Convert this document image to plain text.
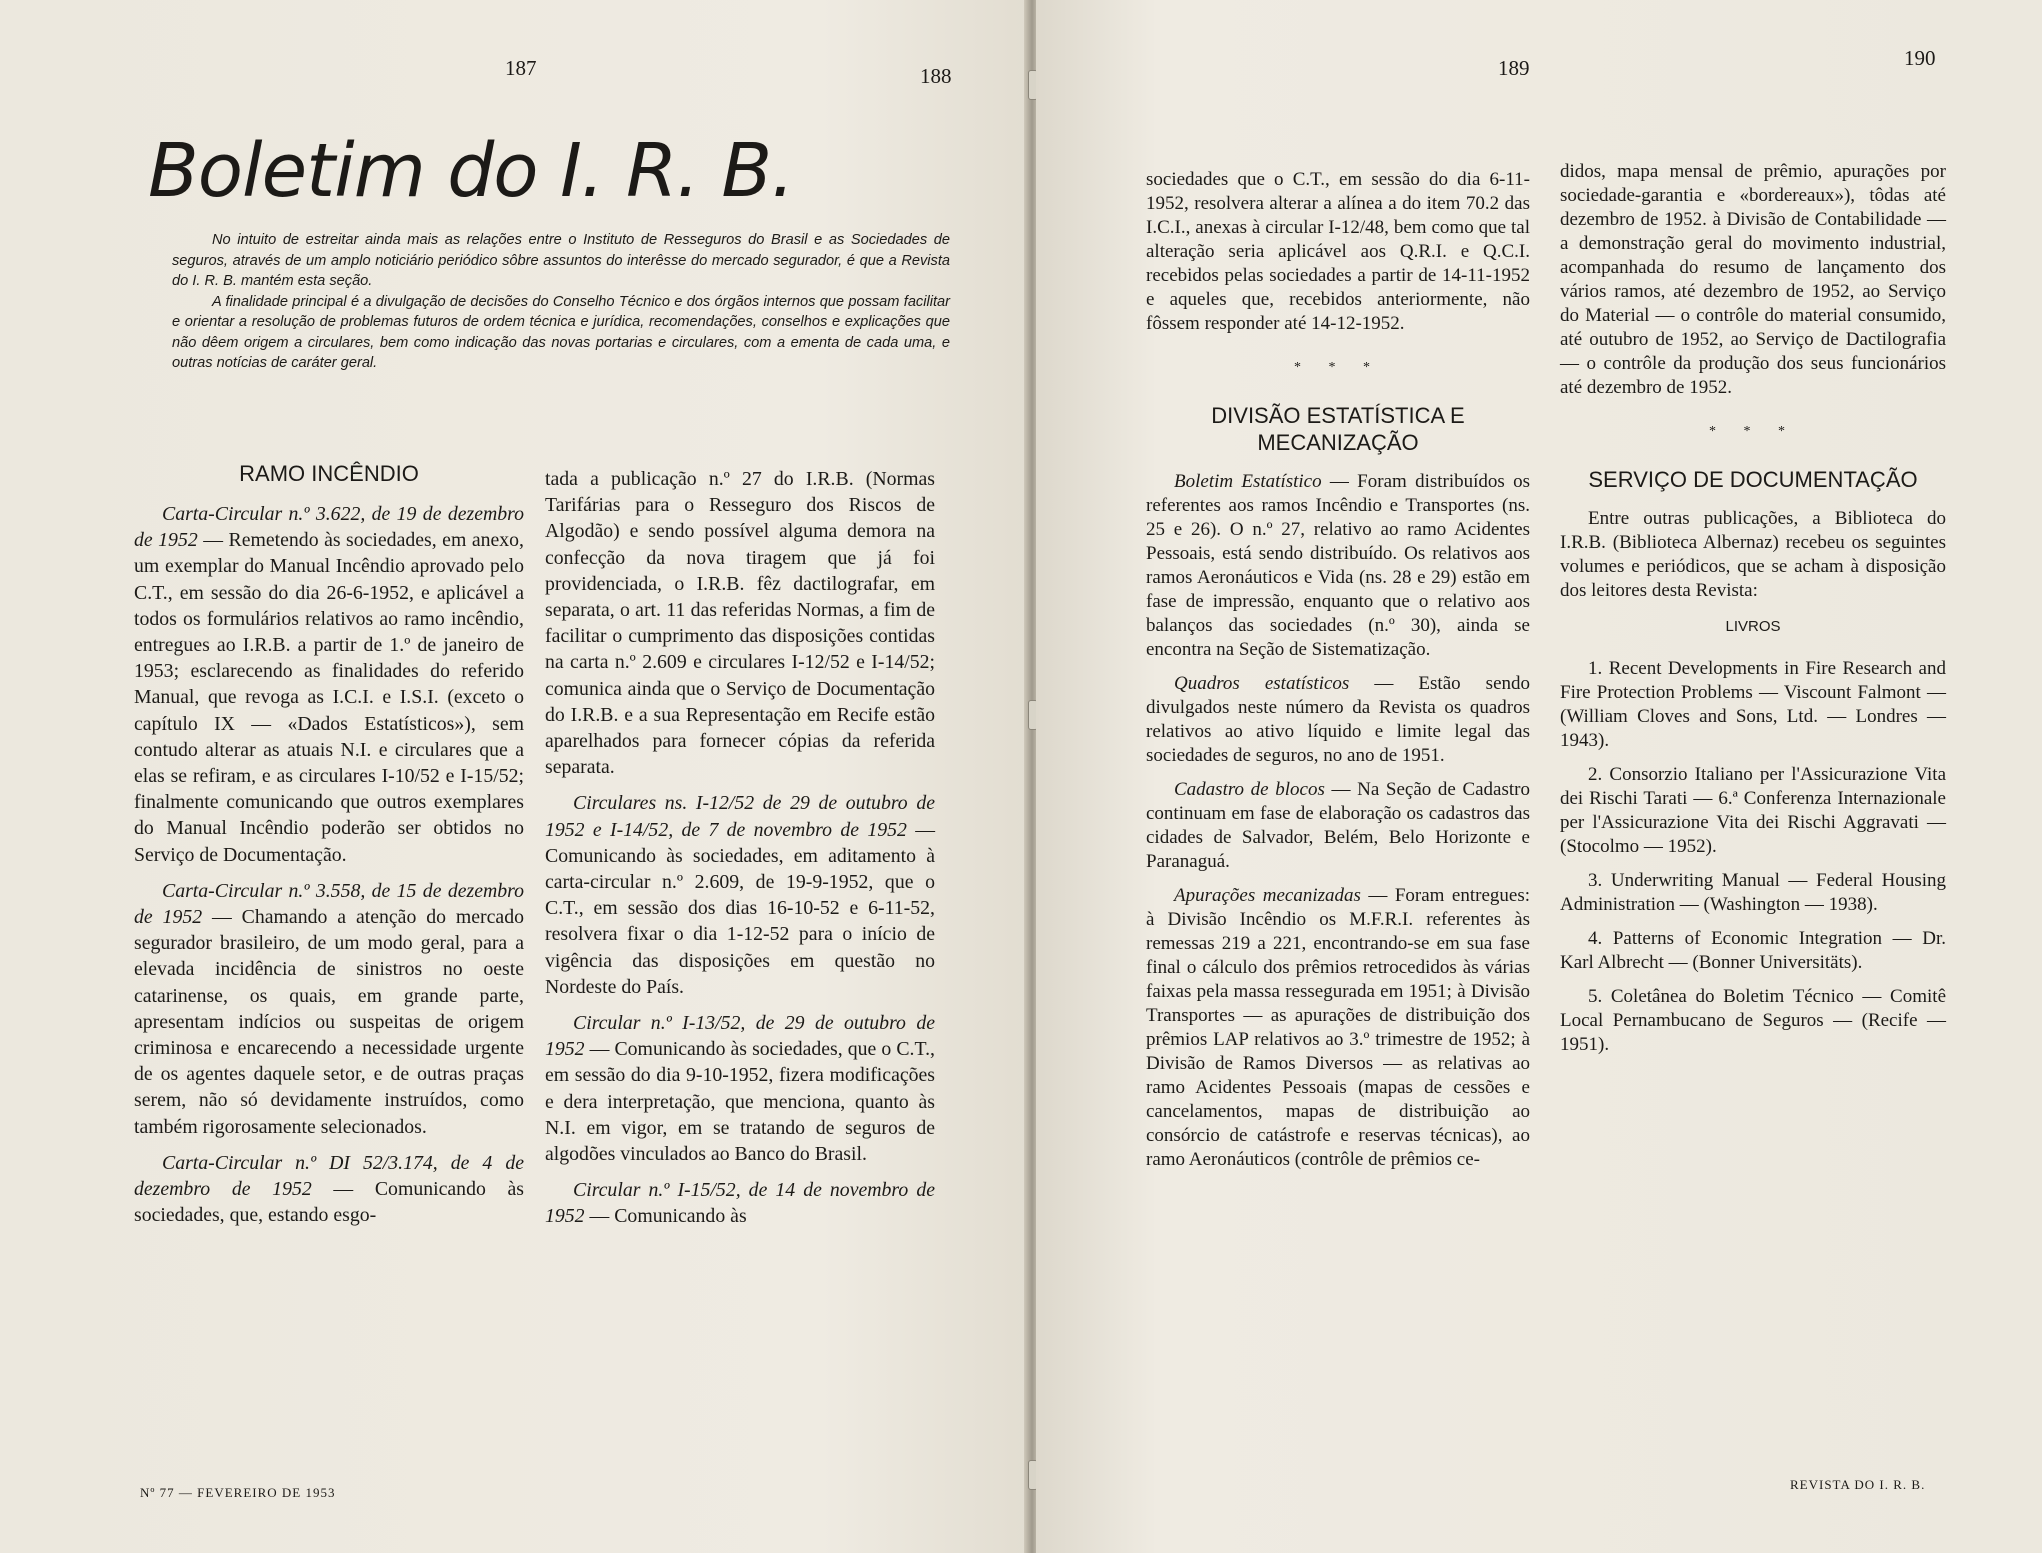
187	188
Boletim do I. R. B.

No intuito de estreitar ainda mais as relações entre o Instituto de Resseguros do Brasil e as Sociedades de seguros, através de um amplo noticiário periódico sôbre assuntos do interêsse do mercado segurador, é que a Revista do I. R. B. mantém esta seção.

A finalidade principal é a divulgação de decisões do Conselho Técnico e dos órgãos internos que possam facilitar e orientar a resolução de problemas futuros de ordem técnica e jurídica, recomendações, conselhos e explicações que não dêem origem a circulares, bem como indicação das novas portarias e circulares, com a ementa de cada uma, e outras notícias de caráter geral.

RAMO INCÊNDIO

Carta-Circular n.º 3.622, de 19 de dezembro de 1952 — Remetendo às sociedades, em anexo, um exemplar do Manual Incêndio aprovado pelo C.T., em sessão do dia 26-6-1952, e aplicável a todos os formulários relativos ao ramo incêndio, entregues ao I.R.B. a partir de 1.º de janeiro de 1953; esclarecendo as finalidades do referido Manual, que revoga as I.C.I. e I.S.I. (exceto o capítulo IX — «Dados Estatísticos»), sem contudo alterar as atuais N.I. e circulares que a elas se refiram, e as circulares I-10/52 e I-15/52; finalmente comunicando que outros exemplares do Manual Incêndio poderão ser obtidos no Serviço de Documentação.

Carta-Circular n.º 3.558, de 15 de dezembro de 1952 — Chamando a atenção do mercado segurador brasileiro, de um modo geral, para a elevada incidência de sinistros no oeste catarinense, os quais, em grande parte, apresentam indícios ou suspeitas de origem criminosa e encarecendo a necessidade urgente de os agentes daquele setor, e de outras praças serem, não só devidamente instruídos, como também rigorosamente selecionados.

Carta-Circular n.º DI 52/3.174, de 4 de dezembro de 1952 — Comunicando às sociedades, que, estando esgo-

tada a publicação n.º 27 do I.R.B. (Normas Tarifárias para o Resseguro dos Riscos de Algodão) e sendo possível alguma demora na confecção da nova tiragem que já foi providenciada, o I.R.B. fêz dactilografar, em separata, o art. 11 das referidas Normas, a fim de facilitar o cumprimento das disposições contidas na carta n.º 2.609 e circulares I-12/52 e I-14/52; comunica ainda que o Serviço de Documentação do I.R.B. e a sua Representação em Recife estão aparelhados para fornecer cópias da referida separata.

Circulares ns. I-12/52 de 29 de outubro de 1952 e I-14/52, de 7 de novembro de 1952 — Comunicando às sociedades, em aditamento à carta-circular n.º 2.609, de 19-9-1952, que o C.T., em sessão dos dias 16-10-52 e 6-11-52, resolvera fixar o dia 1-12-52 para o início de vigência das disposições em questão no Nordeste do País.

Circular n.º I-13/52, de 29 de outubro de 1952 — Comunicando às sociedades, que o C.T., em sessão do dia 9-10-1952, fizera modificações e dera interpretação, que menciona, quanto às N.I. em vigor, em se tratando de seguros de algodões vinculados ao Banco do Brasil.

Circular n.º I-15/52, de 14 de novembro de 1952 — Comunicando às

Nº 77 — FEVEREIRO DE 1953
189	190

sociedades que o C.T., em sessão do dia 6-11-1952, resolvera alterar a alínea a do item 70.2 das I.C.I., anexas à circular I-12/48, bem como que tal alteração seria aplicável aos Q.R.I. e Q.C.I. recebidos pelas sociedades a partir de 14-11-1952 e aqueles que, recebidos anteriormente, não fôssem responder até 14-12-1952.

* * *
DIVISÃO ESTATÍSTICA E MECANIZAÇÃO

Boletim Estatístico — Foram distribuídos os referentes aos ramos Incêndio e Transportes (ns. 25 e 26). O n.º 27, relativo ao ramo Acidentes Pessoais, está sendo distribuído. Os relativos aos ramos Aeronáuticos e Vida (ns. 28 e 29) estão em fase de impressão, enquanto que o relativo aos balanços das sociedades (n.º 30), ainda se encontra na Seção de Sistematização.

Quadros estatísticos — Estão sendo divulgados neste número da Revista os quadros relativos ao ativo líquido e limite legal das sociedades de seguros, no ano de 1951.

Cadastro de blocos — Na Seção de Cadastro continuam em fase de elaboração os cadastros das cidades de Salvador, Belém, Belo Horizonte e Paranaguá.

Apurações mecanizadas — Foram entregues: à Divisão Incêndio os M.F.R.I. referentes às remessas 219 a 221, encontrando-se em sua fase final o cálculo dos prêmios retrocedidos às várias faixas pela massa ressegurada em 1951; à Divisão Transportes — as apurações de distribuição dos prêmios LAP relativos ao 3.º trimestre de 1952; à Divisão de Ramos Diversos — as relativas ao ramo Acidentes Pessoais (mapas de cessões e cancelamentos, mapas de distribuição ao consórcio de catástrofe e reservas técnicas), ao ramo Aeronáuticos (contrôle de prêmios ce-

didos, mapa mensal de prêmio, apurações por sociedade-garantia e «bordereaux»), tôdas até dezembro de 1952. à Divisão de Contabilidade — a demonstração geral do movimento industrial, acompanhada do resumo de lançamento dos vários ramos, até dezembro de 1952, ao Serviço do Material — o contrôle do material consumido, até outubro de 1952, ao Serviço de Dactilografia — o contrôle da produção dos seus funcionários até dezembro de 1952.

* * *
SERVIÇO DE DOCUMENTAÇÃO

Entre outras publicações, a Biblioteca do I.R.B. (Biblioteca Albernaz) recebeu os seguintes volumes e periódicos, que se acham à disposição dos leitores desta Revista:

LIVROS

1. Recent Developments in Fire Research and Fire Protection Problems — Viscount Falmont — (William Cloves and Sons, Ltd. — Londres — 1943).

2. Consorzio Italiano per l'Assicurazione Vita dei Rischi Tarati — 6.ª Conferenza Internazionale per l'Assicurazione Vita dei Rischi Aggravati — (Stocolmo — 1952).

3. Underwriting Manual — Federal Housing Administration — (Washington — 1938).

4. Patterns of Economic Integration — Dr. Karl Albrecht — (Bonner Universitäts).

5. Coletânea do Boletim Técnico — Comitê Local Pernambucano de Seguros — (Recife — 1951).

REVISTA DO I. R. B.
